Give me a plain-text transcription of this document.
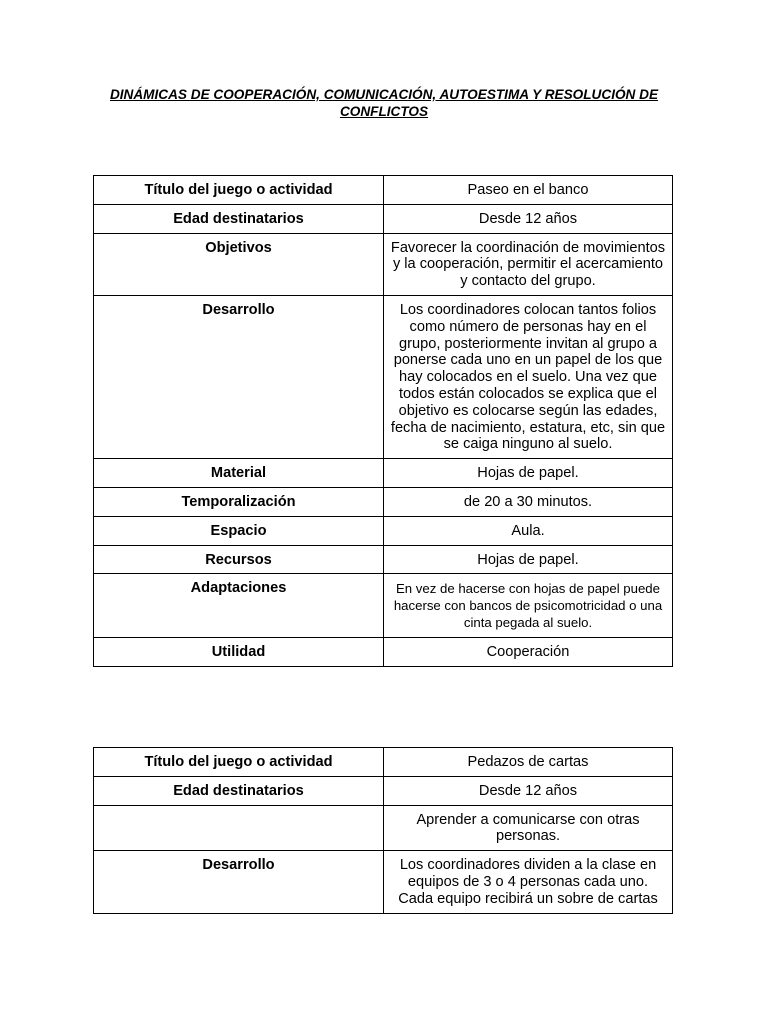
DINÁMICAS DE COOPERACIÓN, COMUNICACIÓN, AUTOESTIMA Y RESOLUCIÓN DE CONFLICTOS
Título del juego o actividad	Paseo en el banco
Edad destinatarios	Desde 12 años
Objetivos	Favorecer la coordinación de movimientos y la cooperación, permitir el acercamiento y contacto del grupo.
Desarrollo	Los coordinadores colocan tantos folios como número de personas hay en el grupo, posteriormente invitan al grupo a ponerse cada uno en un papel de los que hay colocados en el suelo. Una vez que todos están colocados se explica que el objetivo es colocarse según las edades, fecha de nacimiento, estatura, etc, sin que se caiga ninguno al suelo.
Material	Hojas de papel.
Temporalización	de 20 a 30 minutos.
Espacio	Aula.
Recursos	Hojas de papel.
Adaptaciones	En vez de hacerse con hojas de papel puede hacerse con bancos de psicomotricidad o una cinta pegada al suelo.
Utilidad	Cooperación
Título del juego o actividad	Pedazos de cartas
Edad destinatarios	Desde 12 años
	Aprender a comunicarse con otras personas.
Desarrollo	Los coordinadores dividen a la clase en equipos de 3 o 4 personas cada uno. Cada equipo recibirá un sobre de cartas
